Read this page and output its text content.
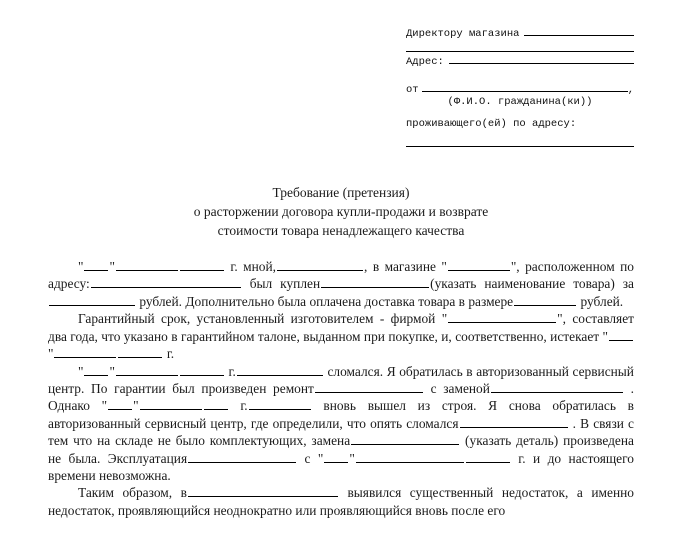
Директору магазина
Адрес:
от	,
(Ф.И.О. гражданина(ки))
проживающего(ей) по адресу:
Требование (претензия)
о расторжении договора купли-продажи и возврате
стоимости товара ненадлежащего качества

" "	г. мной,	, в магазине "	", расположенном по адресу:	был куплен	(указать наименование товара) за рублей. Дополнительно была оплачена доставка товара в размере	рублей.

Гарантийный срок, установленный изготовителем - фирмой "	", составляет два года, что указано в гарантийном талоне, выданном при покупке, и, соответственно, истекает ""	г.

" "	г.	сломался. Я обратилась в авторизованный сервисный центр. По гарантии был произведен ремонт	с заменой	. Однако " "	г.	вновь вышел из строя. Я снова обратилась в авторизованный сервисный центр, где определили, что опять сломался	. В связи с тем что на складе не было комплектующих, замена	(указать деталь) произведена не была. Эксплуатация	с " "	г. и до настоящего времени невозможна.

Таким образом, в	выявился существенный недостаток, а именно недостаток, проявляющийся неоднократно или проявляющийся вновь после его
